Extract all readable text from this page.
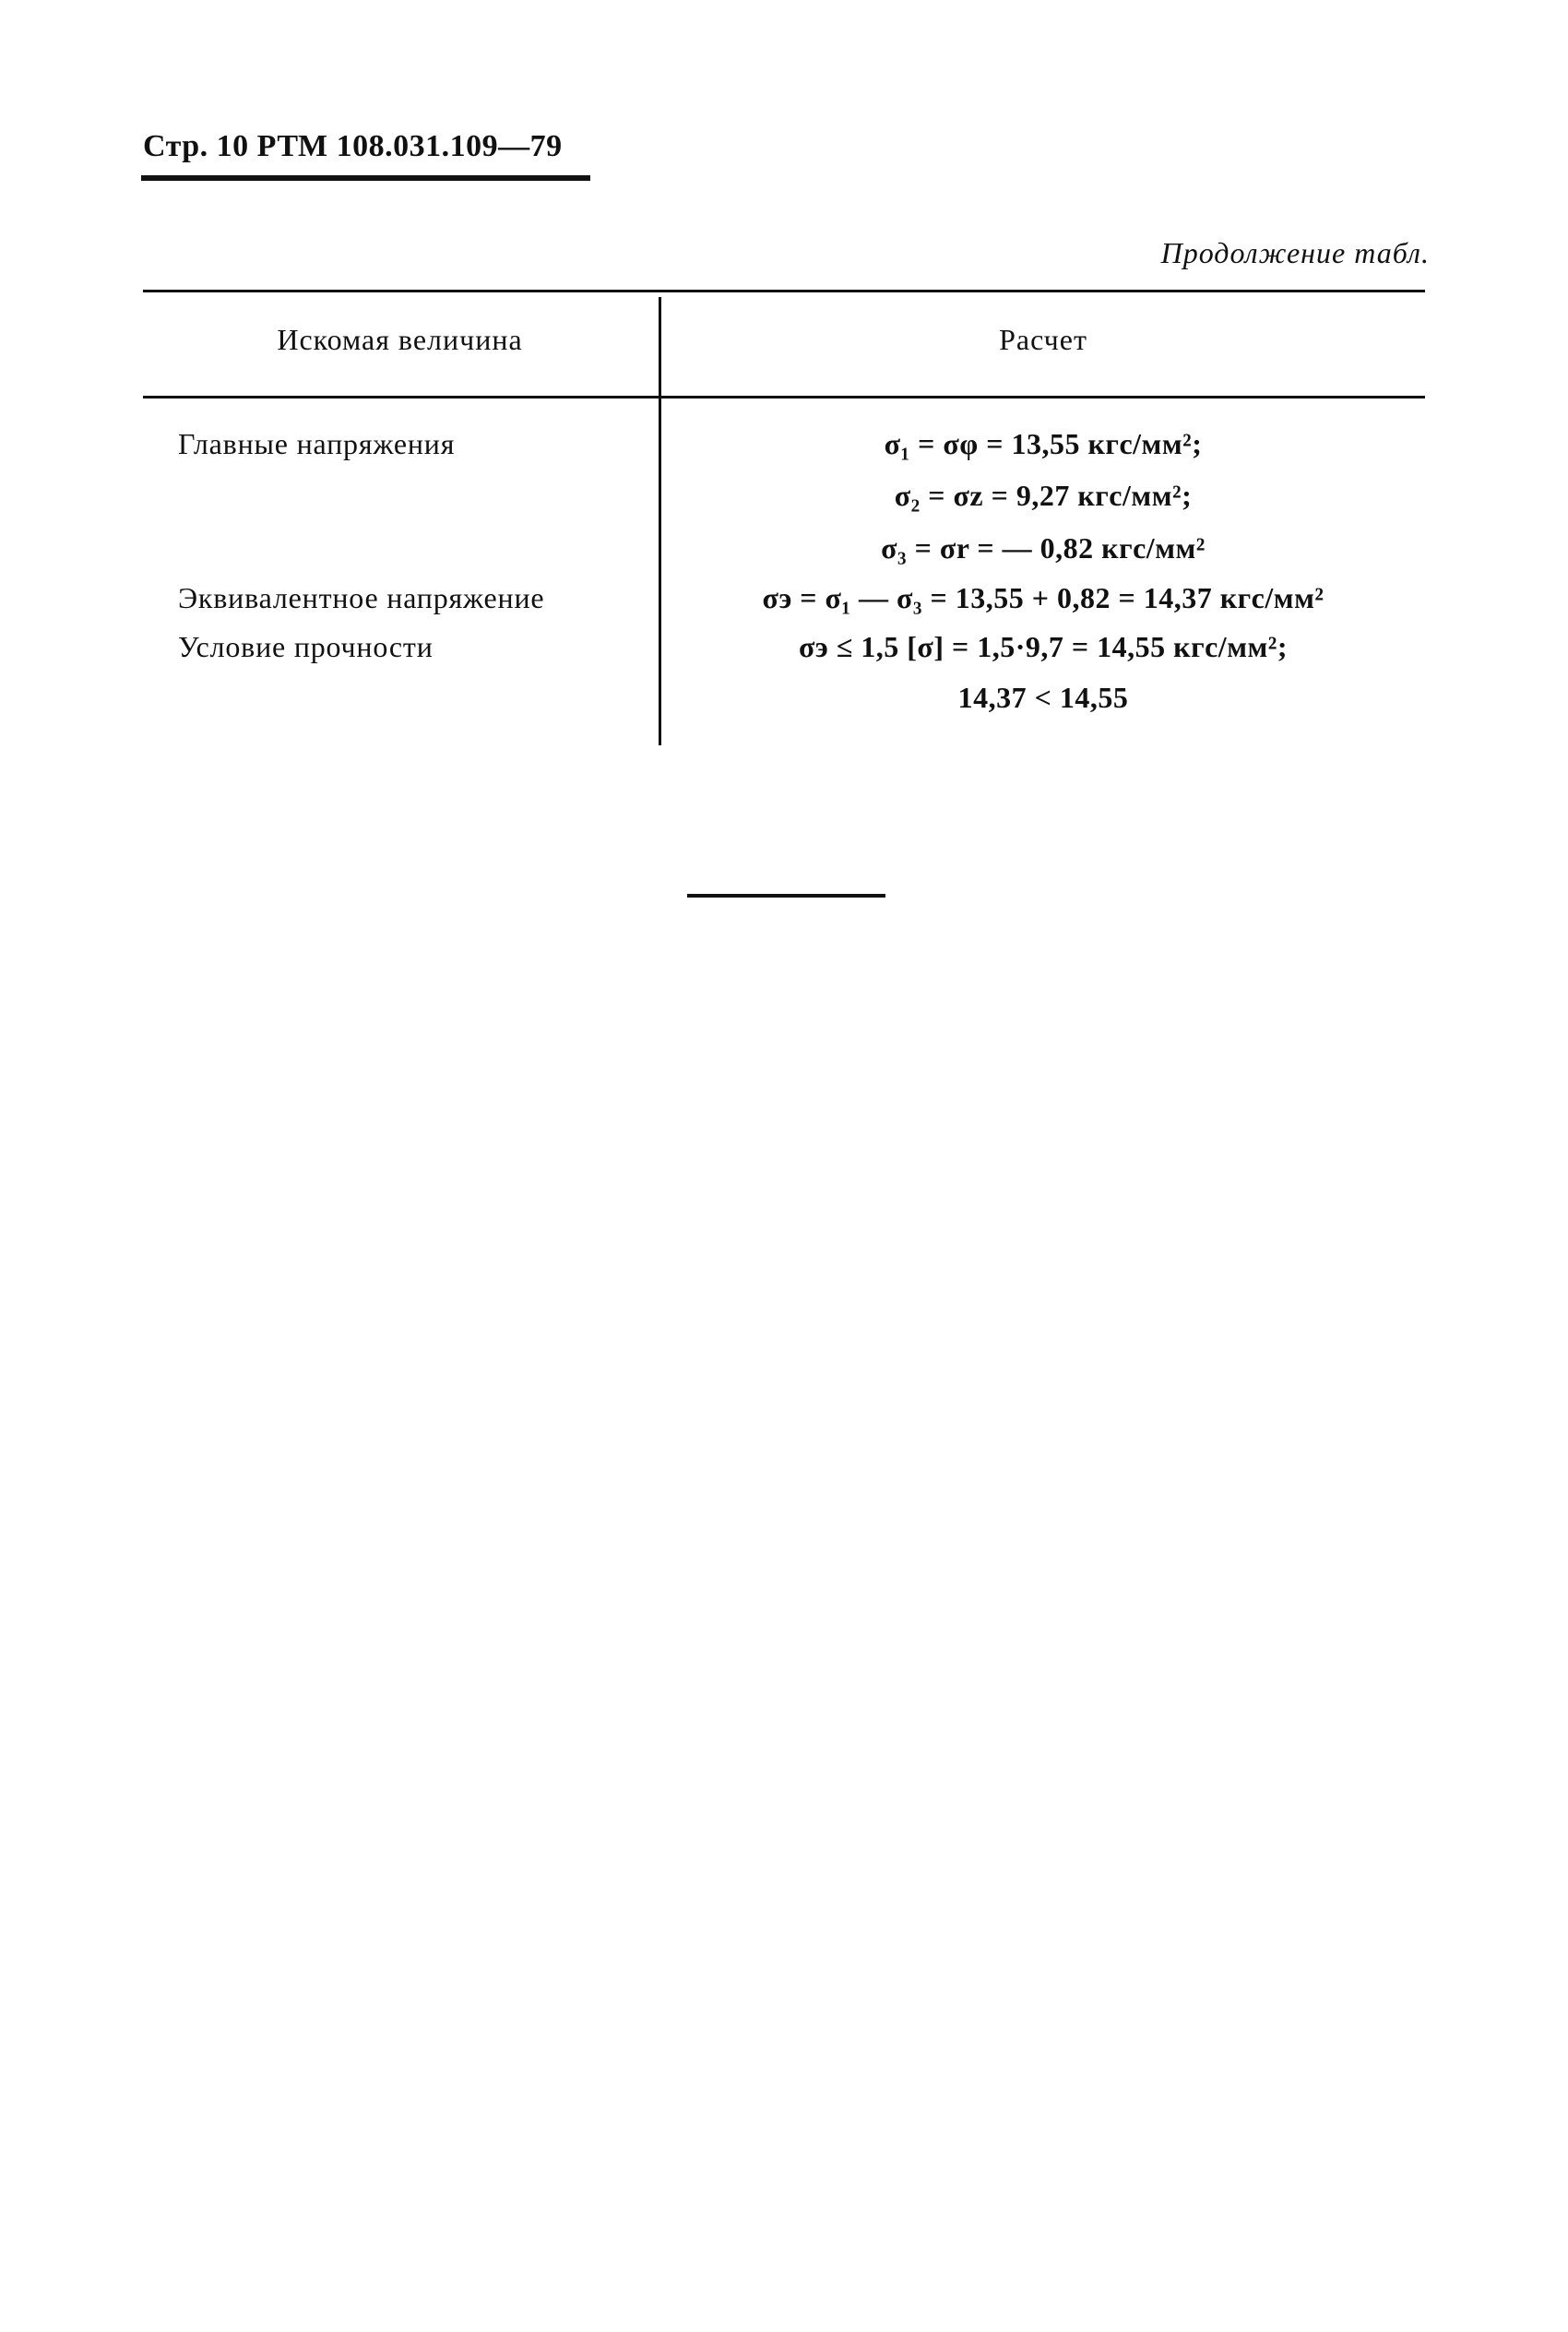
Стр. 10 РТМ 108.031.109—79
Продолжение табл.
Искомая величина	Расчет
Главные напряжения	σ₁ = σφ = 13,55 кгс/мм²;
σ₂ = σz = 9,27 кгс/мм²;
σ₃ = σr = — 0,82 кгс/мм²
Эквивалентное напряжение	σэ = σ₁ — σ₃ = 13,55 + 0,82 = 14,37 кгс/мм²
Условие прочности	σэ ≤ 1,5 [σ] = 1,5·9,7 = 14,55 кгс/мм²;
14,37 < 14,55
